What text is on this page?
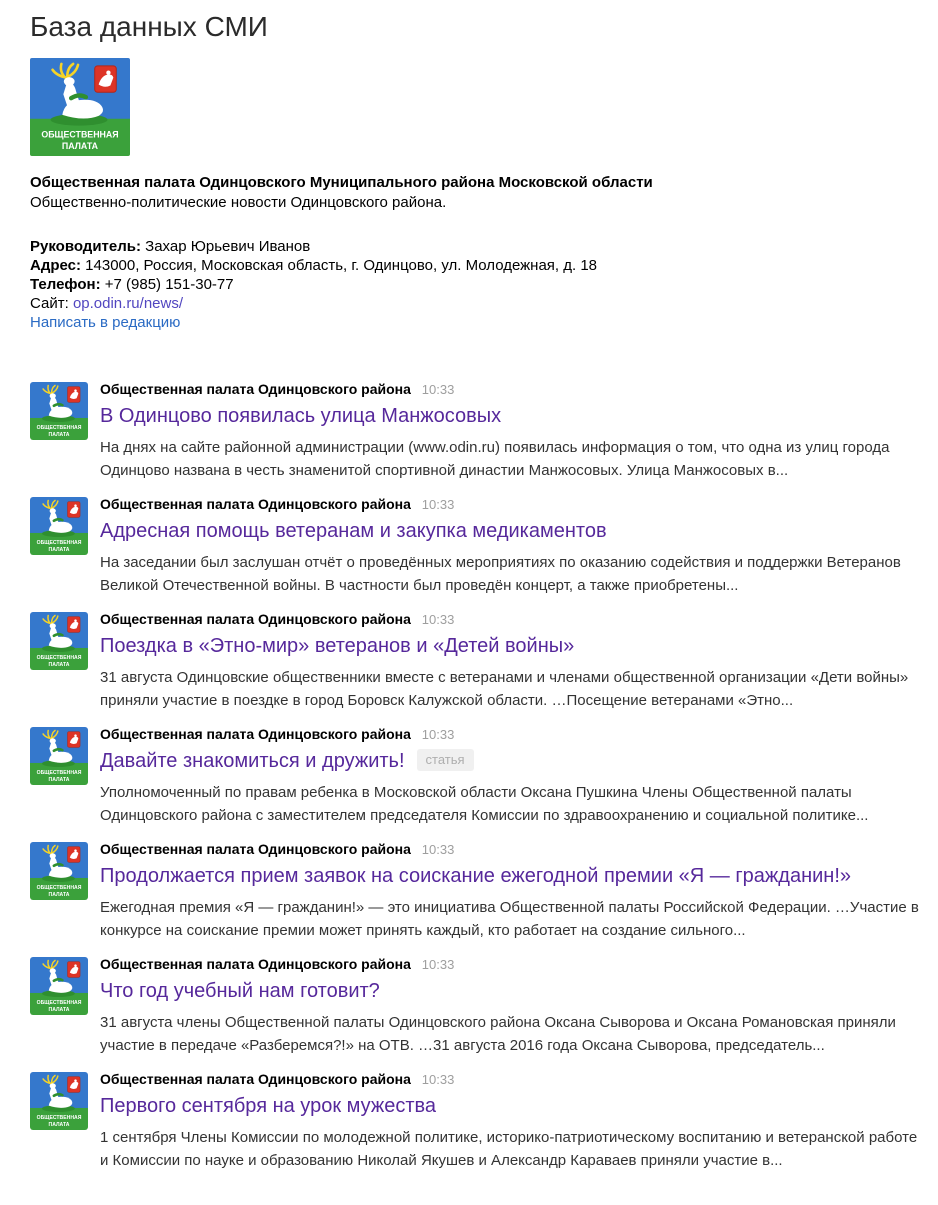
База данных СМИ
Общественная палата Одинцовского Муниципального района Московской области
Общественно-политические новости Одинцовского района.
Руководитель: Захар Юрьевич Иванов
Адрес: 143000, Россия, Московская область, г. Одинцово, ул. Молодежная, д. 18
Телефон: +7 (985) 151-30-77
Сайт: op.odin.ru/news/
Написать в редакцию
Общественная палата Одинцовского района 10:33
В Одинцово появилась улица Манжосовых
На днях на сайте районной администрации (www.odin.ru) появилась информация о том, что одна из улиц города Одинцово названа в честь знаменитой спортивной династии Манжосовых. Улица Манжосовых в...
Общественная палата Одинцовского района 10:33
Адресная помощь ветеранам и закупка медикаментов
На заседании был заслушан отчёт о проведённых мероприятиях по оказанию содействия и поддержки Ветеранов Великой Отечественной войны. В частности был проведён концерт, а также приобретены...
Общественная палата Одинцовского района 10:33
Поездка в «Этно-мир» ветеранов и «Детей войны»
31 августа Одинцовские общественники вместе с ветеранами и членами общественной организации «Дети войны» приняли участие в поездке в город Боровск Калужской области. …Посещение ветеранами «Этно...
Общественная палата Одинцовского района 10:33
Давайте знакомиться и дружить! статья
Уполномоченный по правам ребенка в Московской области Оксана Пушкина Члены Общественной палаты Одинцовского района с заместителем председателя Комиссии по здравоохранению и социальной политике...
Общественная палата Одинцовского района 10:33
Продолжается прием заявок на соискание ежегодной премии «Я — гражданин!»
Ежегодная премия «Я — гражданин!» — это инициатива Общественной палаты Российской Федерации. …Участие в конкурсе на соискание премии может принять каждый, кто работает на создание сильного...
Общественная палата Одинцовского района 10:33
Что год учебный нам готовит?
31 августа члены Общественной палаты Одинцовского района Оксана Сыворова и Оксана Романовская приняли участие в передаче «Разберемся?!» на ОТВ. …31 августа 2016 года Оксана Сыворова, председатель...
Общественная палата Одинцовского района 10:33
Первого сентября на урок мужества
1 сентября Члены Комиссии по молодежной политике, историко-патриотическому воспитанию и ветеранской работе и Комиссии по науке и образованию Николай Якушев и Александр Караваев приняли участие в...
